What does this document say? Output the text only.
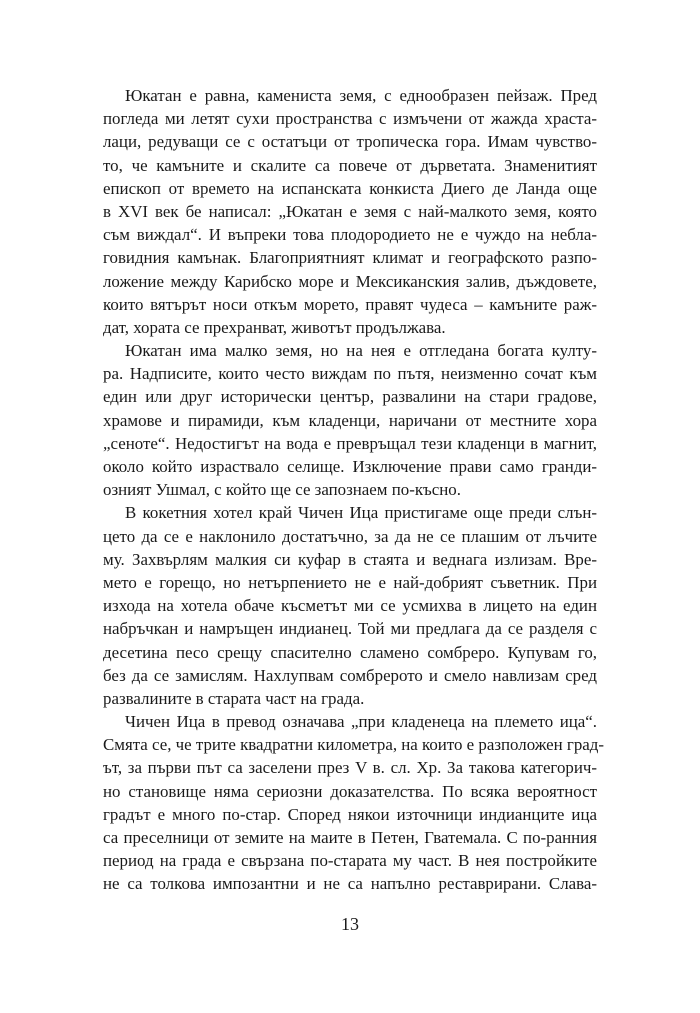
Юкатан е равна, камениста земя, с еднообразен пейзаж. Пред
погледа ми летят сухи пространства с измъчени от жажда храста-
лаци, редуващи се с остатъци от тропическа гора. Имам чувство-
то, че камъните и скалите са повече от дърветата. Знаменитият
епископ от времето на испанската конкиста Диего де Ланда още
в XVI век бе написал: „Юкатан е земя с най-малкото земя, която
съм виждал“. И въпреки това плодородието не е чуждо на небла-
говидния камънак. Благоприятният климат и географското разпо-
ложение между Карибско море и Мексиканския залив, дъждовете,
които вятърът носи откъм морето, правят чудеса – камъните раж-
дат, хората се прехранват, животът продължава.
Юкатан има малко земя, но на нея е отгледана богата култу-
ра. Надписите, които често виждам по пътя, неизменно сочат към
един или друг исторически център, развалини на стари градове,
храмове и пирамиди, към кладенци, наричани от местните хора
„сеноте“. Недостигът на вода е превръщал тези кладенци в магнит,
около който израствало селище. Изключение прави само гранди-
озният Ушмал, с който ще се запознаем по-късно.
В кокетния хотел край Чичен Ица пристигаме още преди слън-
цето да се е наклонило достатъчно, за да не се плашим от лъчите
му. Захвърлям малкия си куфар в стаята и веднага излизам. Вре-
мето е горещо, но нетърпението не е най-добрият съветник. При
изхода на хотела обаче късметът ми се усмихва в лицето на един
набръчкан и намръщен индианец. Той ми предлага да се разделя с
десетина песо срещу спасително сламено сомбреро. Купувам го,
без да се замислям. Нахлупвам сомбрерото и смело навлизам сред
развалините в старата част на града.
Чичен Ица в превод означава „при кладенеца на племето ица“.
Смята се, че трите квадратни километра, на които е разположен град-
ът, за първи път са заселени през V в. сл. Хр. За такова категорич-
но становище няма сериозни доказателства. По всяка вероятност
градът е много по-стар. Според някои източници индианците ица
са преселници от земите на маите в Петен, Гватемала. С по-ранния
период на града е свързана по-старата му част. В нея постройките
не са толкова импозантни и не са напълно реставрирани. Слава-
13
